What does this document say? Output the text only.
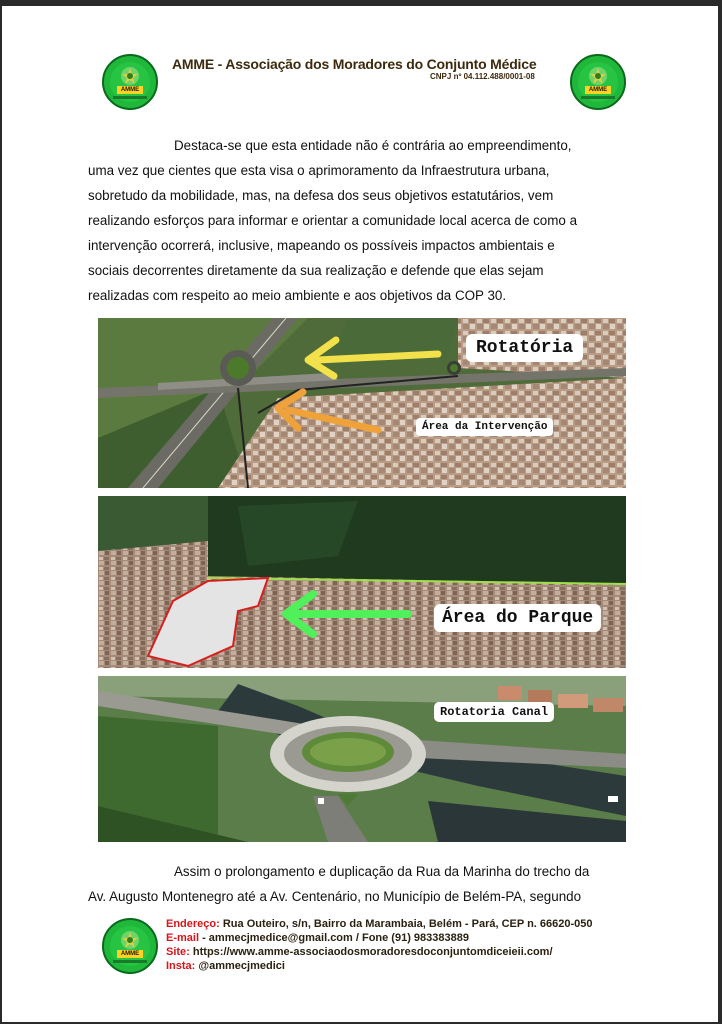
AMME	AMME
AMME - Associação dos Moradores do Conjunto Médice
CNPJ nº 04.112.488/0001-08
Destaca-se que esta entidade não é contrária ao empreendimento,
uma vez que cientes que esta visa o aprimoramento da Infraestrutura urbana,
sobretudo da mobilidade, mas, na defesa dos seus objetivos estatutários, vem
realizando esforços para informar e orientar a comunidade local acerca de como a
intervenção ocorrerá, inclusive, mapeando os possíveis impactos ambientais e
sociais decorrentes diretamente da sua realização e defende que elas sejam
realizadas com respeito ao meio ambiente e aos objetivos da COP 30.
Rotatória
Área da Intervenção
Área do Parque
Rotatoria Canal
Assim o prolongamento e duplicação da Rua da Marinha do trecho da
Av. Augusto Montenegro até a Av. Centenário, no Município de Belém-PA, segundo
AMME
Endereço: Rua Outeiro, s/n, Bairro da Marambaia, Belém - Pará, CEP n. 66620-050
E-mail - ammecjmedice@gmail.com / Fone (91) 983383889
Site: https://www.amme-associaodosmoradoresdoconjuntomdiceieii.com/
Insta: @ammecjmedici
